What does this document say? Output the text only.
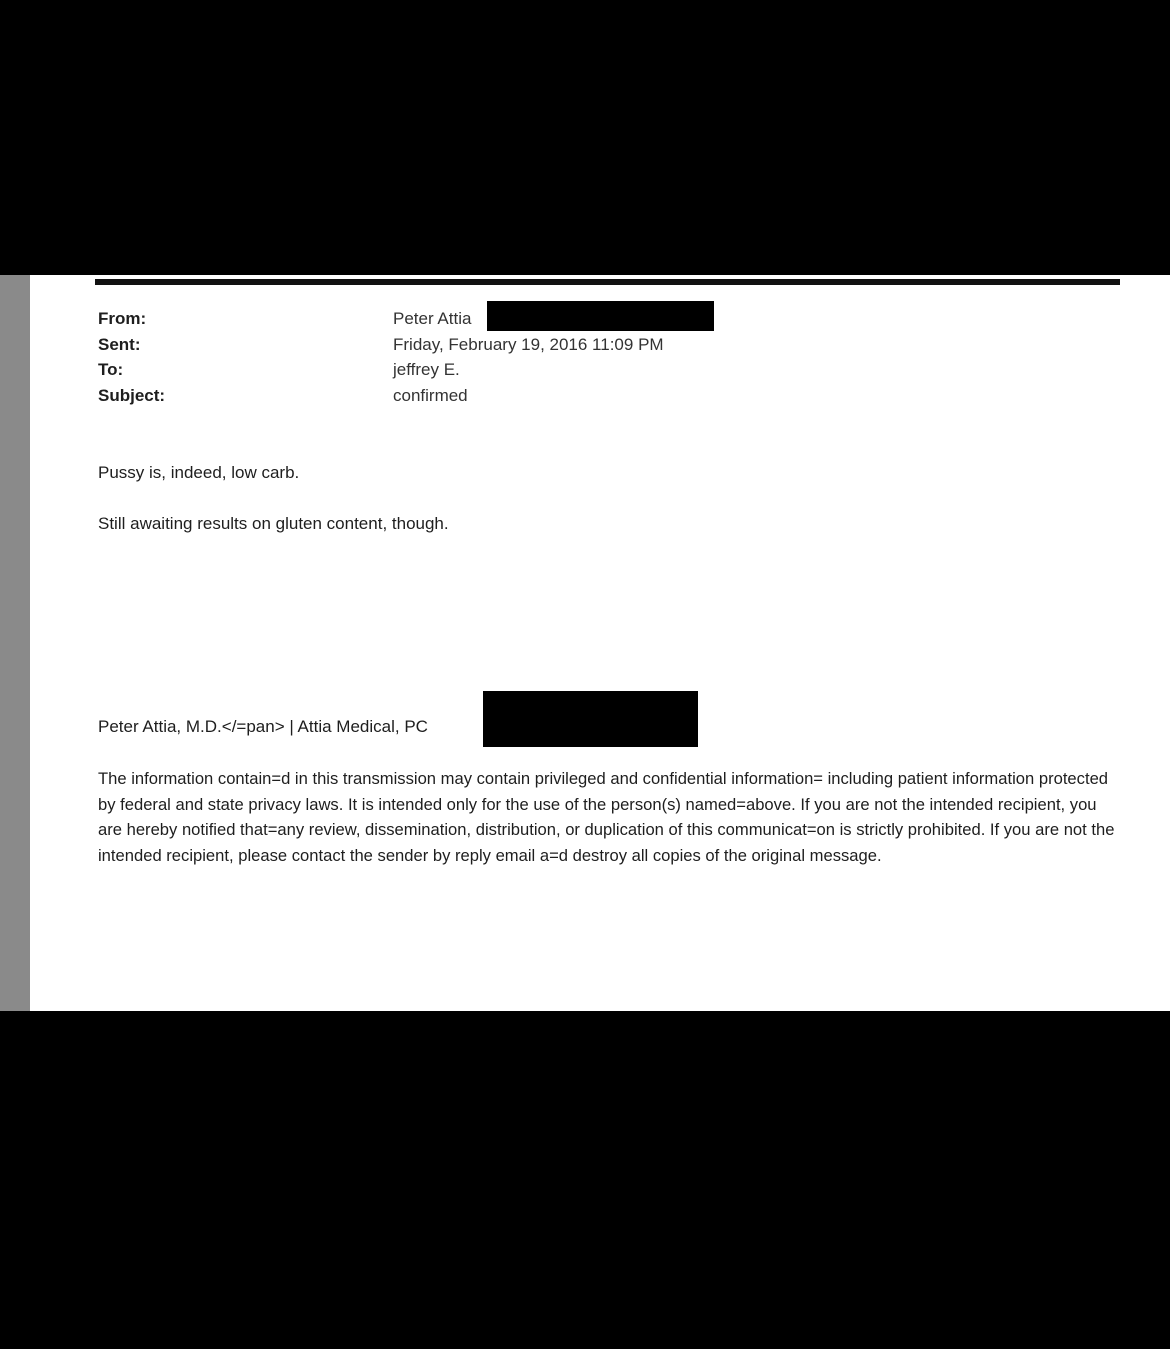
From:
Sent:
To:
Subject:
Peter Attia
Friday, February 19, 2016 11:09 PM
jeffrey E.
confirmed
Pussy is, indeed, low carb.
Still awaiting results on gluten content, though.
Peter Attia, M.D.</=pan> | Attia Medical, PC

The information contain=d in this transmission may contain privileged and confidential information= including patient information protected by federal and state privacy laws. It is intended only for the use of the person(s) named=above. If you are not the intended recipient, you are hereby notified that=any review, dissemination, distribution, or duplication of this communicat=on is strictly prohibited. If you are not the intended recipient, please contact the sender by reply email a=d destroy all copies of the original message.
